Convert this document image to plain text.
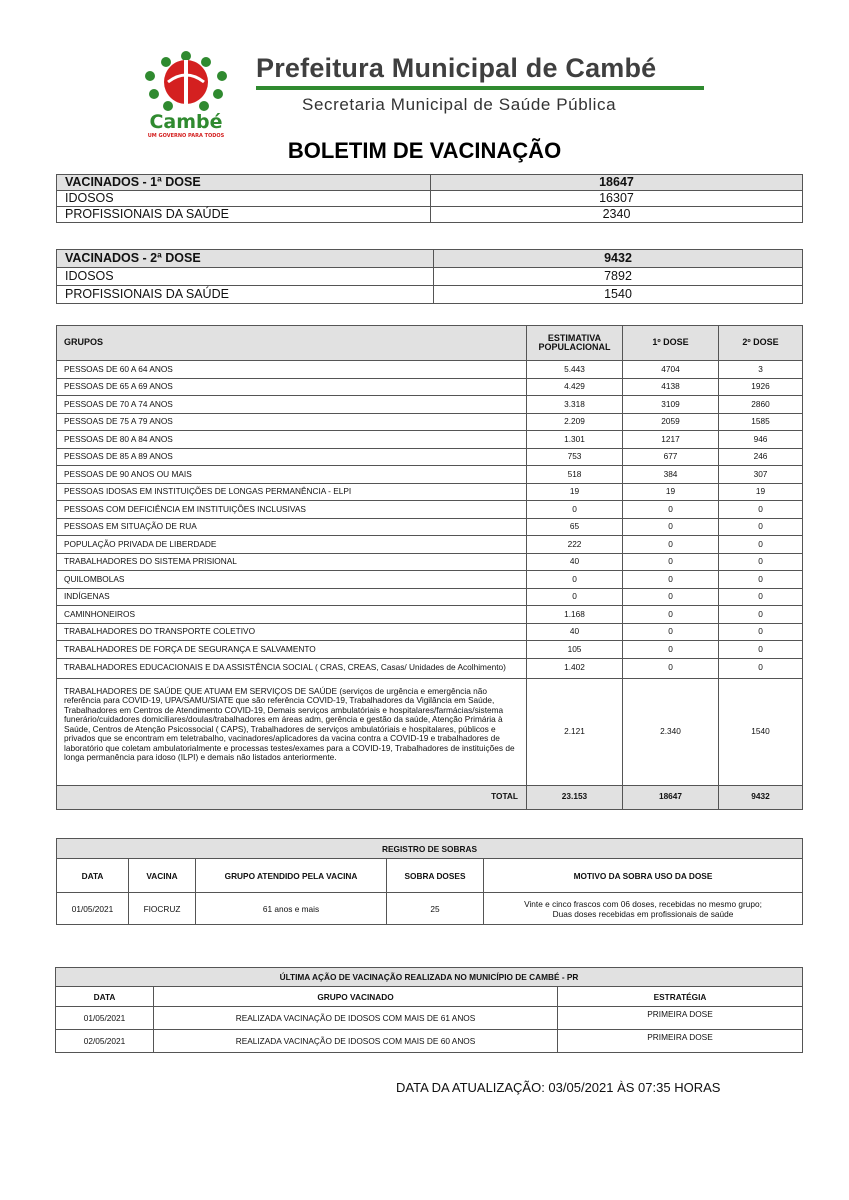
Cambé
UM GOVERNO PARA TODOS
Prefeitura Municipal de Cambé
Secretaria Municipal de Saúde Pública
BOLETIM DE VACINAÇÃO
VACINADOS - 1ª DOSE	18647
IDOSOS	16307
PROFISSIONAIS DA SAÚDE	2340
VACINADOS - 2ª DOSE	9432
IDOSOS	7892
PROFISSIONAIS DA SAÚDE	1540
GRUPOS	ESTIMATIVA POPULACIONAL	1º DOSE	2º DOSE
PESSOAS DE 60 A 64 ANOS	5.443	4704	3
PESSOAS DE 65 A 69 ANOS	4.429	4138	1926
PESSOAS DE 70 A 74 ANOS	3.318	3109	2860
PESSOAS DE 75 A 79 ANOS	2.209	2059	1585
PESSOAS DE 80 A 84 ANOS	1.301	1217	946
PESSOAS DE 85 A 89 ANOS	753	677	246
PESSOAS DE 90 ANOS OU MAIS	518	384	307
PESSOAS IDOSAS EM INSTITUIÇÕES DE LONGAS PERMANÊNCIA - ELPI	19	19	19
PESSOAS COM DEFICIÊNCIA EM INSTITUIÇÕES INCLUSIVAS	0	0	0
PESSOAS EM SITUAÇÃO DE RUA	65	0	0
POPULAÇÃO PRIVADA DE LIBERDADE	222	0	0
TRABALHADORES DO SISTEMA PRISIONAL	40	0	0
QUILOMBOLAS	0	0	0
INDÍGENAS	0	0	0
CAMINHONEIROS	1.168	0	0
TRABALHADORES DO TRANSPORTE COLETIVO	40	0	0
TRABALHADORES DE FORÇA DE SEGURANÇA E SALVAMENTO	105	0	0
TRABALHADORES EDUCACIONAIS E DA ASSISTÊNCIA SOCIAL ( CRAS, CREAS, Casas/ Unidades de Acolhimento)	1.402	0	0
TRABALHADORES DE SAÚDE QUE ATUAM EM SERVIÇOS DE SAÚDE (serviços de urgência e emergência não referência para COVID-19, UPA/SAMU/SIATE que são referência COVID-19, Trabalhadores da Vigilância em Saúde, Trabalhadores em Centros de Atendimento COVID-19, Demais serviços ambulatóriais e hospitalares/farmácias/sistema funerário/cuidadores domiciliares/doulas/trabalhadores em áreas adm, gerência e gestão da saúde, Atenção Primária à Saúde, Centros de Atenção Psicossocial ( CAPS), Trabalhadores de serviços ambulatóriais e hospitalares, públicos e privados que se encontram em teletrabalho, vacinadores/aplicadores da vacina contra a COVID-19 e trabalhadores de laboratório que coletam ambulatorialmente e processas testes/exames para a COVID-19, Trabalhadores de instituições de longa permanência para idoso (ILPI) e demais não listados anteriormente.	2.121	2.340	1540
TOTAL	23.153	18647	9432
REGISTRO DE SOBRAS				
DATA	VACINA	GRUPO ATENDIDO PELA VACINA	SOBRA DOSES	MOTIVO DA SOBRA USO DA DOSE
01/05/2021	FIOCRUZ	61 anos e mais	25	Vinte e cinco frascos com 06 doses, recebidas no mesmo grupo;
Duas doses recebidas em profissionais de saúde
ÚLTIMA AÇÃO DE VACINAÇÃO REALIZADA NO MUNICÍPIO DE CAMBÉ - PR		
DATA	GRUPO VACINADO	ESTRATÉGIA
01/05/2021	REALIZADA VACINAÇÃO DE IDOSOS COM MAIS DE 61 ANOS	PRIMEIRA DOSE
02/05/2021	REALIZADA VACINAÇÃO DE IDOSOS COM MAIS DE 60 ANOS	PRIMEIRA DOSE
DATA DA ATUALIZAÇÃO: 03/05/2021 ÀS 07:35 HORAS
